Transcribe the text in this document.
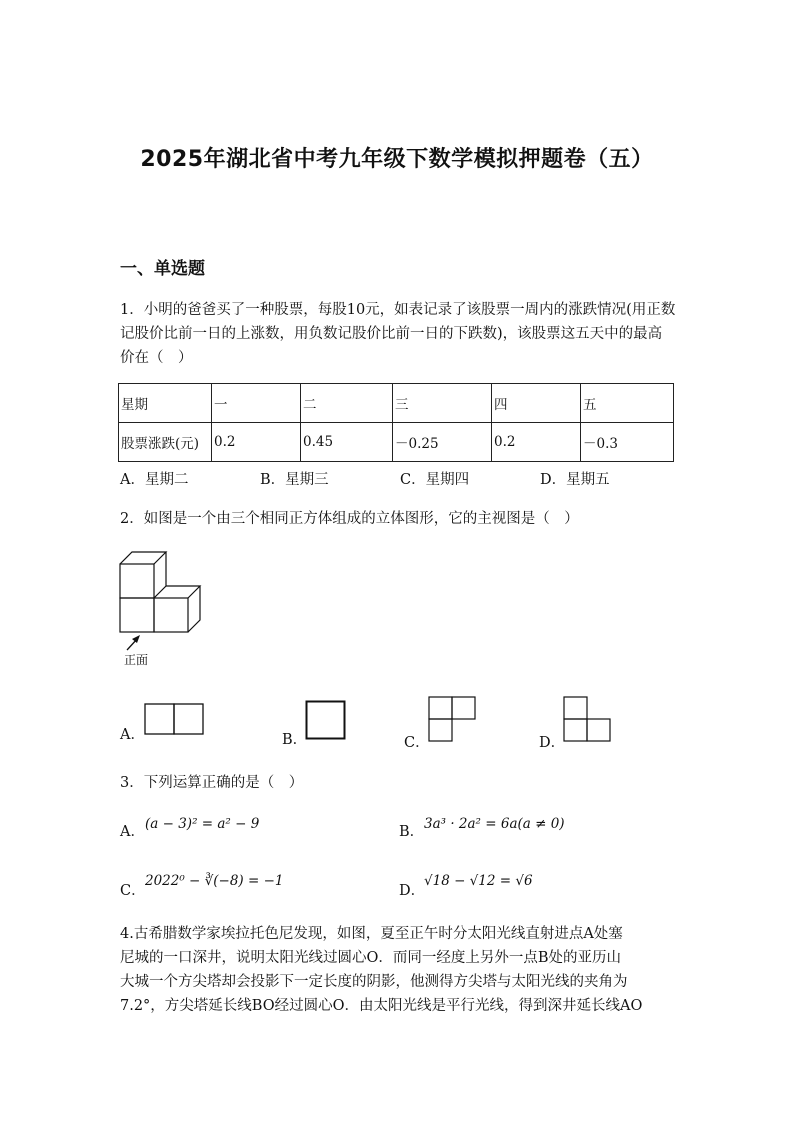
2025年湖北省中考九年级下数学模拟押题卷（五）
一、单选题
1．小明的爸爸买了一种股票，每股10元，如表记录了该股票一周内的涨跌情况(用正数记股价比前一日的上涨数，用负数记股价比前一日的下跌数)，该股票这五天中的最高价在（　）
星期	一	二	三	四	五
股票涨跌(元)	0.2	0.45	－0.25	0.2	－0.3
A．星期二	B．星期三	C．星期四	D．星期五
2．如图是一个由三个相同正方体组成的立体图形，它的主视图是（　）
正面
A．	B．	C．	D．
3．下列运算正确的是（　）
A． (a − 3)² = a² − 9	B． 3a³ · 2a² = 6a(a ≠ 0)
C．
2022⁰ − ∛(−8) = −1
D．
√18 − √12 = √6
4.古希腊数学家埃拉托色尼发现，如图，夏至正午时分太阳光线直射进点A处塞
尼城的一口深井，说明太阳光线过圆心O．而同一经度上另外一点B处的亚历山
大城一个方尖塔却会投影下一定长度的阴影，他测得方尖塔与太阳光线的夹角为
7.2°，方尖塔延长线BO经过圆心O．由太阳光线是平行光线，得到深井延长线AO
